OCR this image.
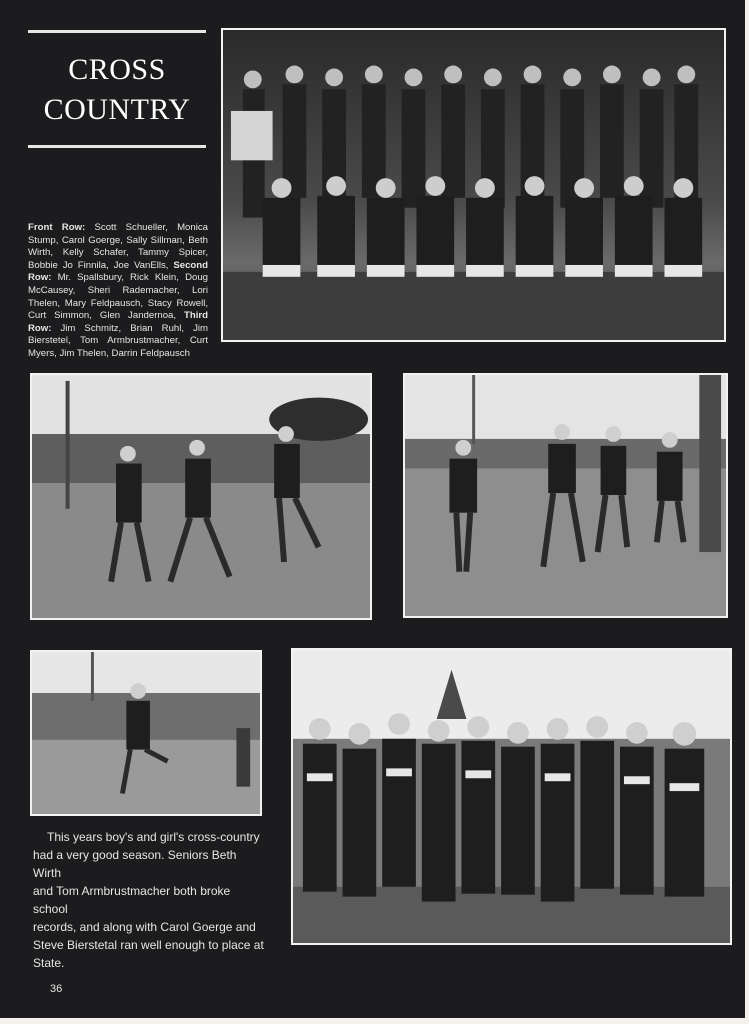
CROSS
COUNTRY
Front Row: Scott Schueller, Monica Stump, Carol Goerge, Sally Sillman, Beth Wirth, Kelly Schafer, Tammy Spicer, Bobbie Jo Finnila, Joe VanElls, Second Row: Mr. Spallsbury, Rick Klein, Doug McCausey, Sheri Rademacher, Lori Thelen, Mary Feldpausch, Stacy Rowell, Curt Simmon, Glen Jandernoa, Third Row: Jim Schmitz, Brian Ruhl, Jim Bierstetel, Tom Armbrustmacher, Curt Myers, Jim Thelen, Darrin Feldpausch
This years boy's and girl's cross-country
had a very good season. Seniors Beth Wirth
and Tom Armbrustmacher both broke school
records, and along with Carol Goerge and
Steve Bierstetal ran well enough to place at
State.
36
